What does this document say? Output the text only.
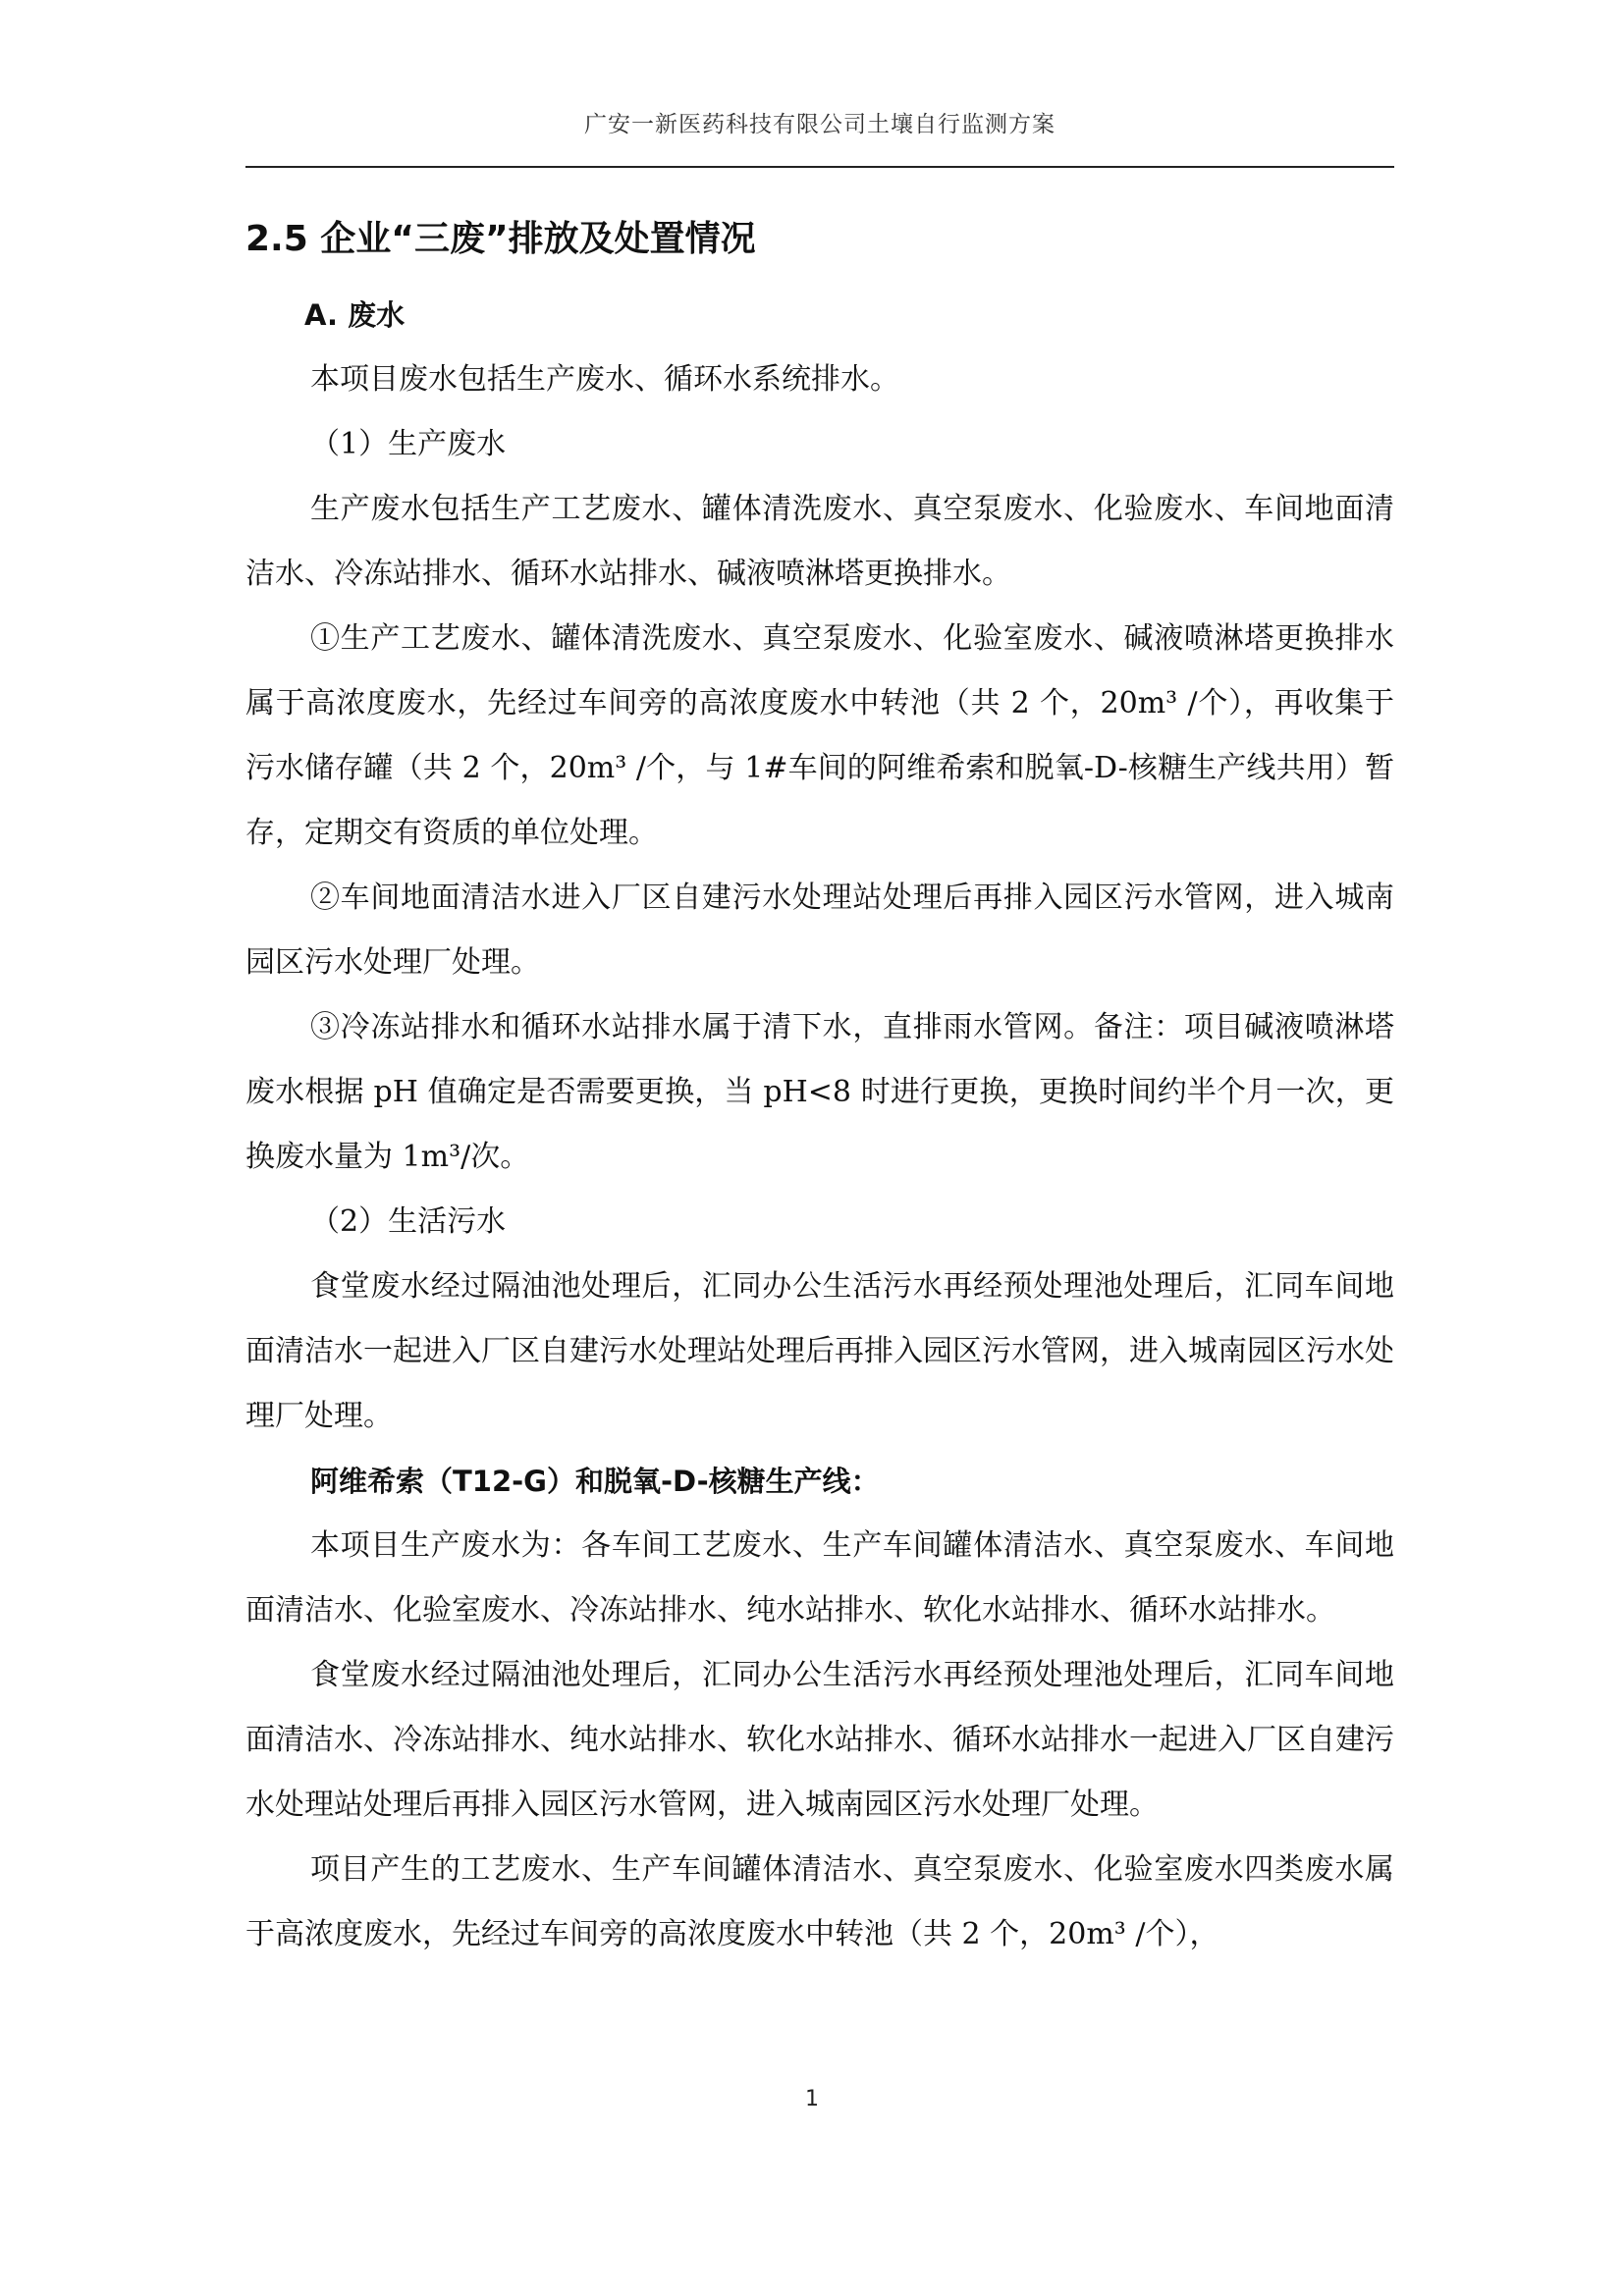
广安一新医药科技有限公司土壤自行监测方案
2.5 企业“三废”排放及处置情况
A. 废水

本项目废水包括生产废水、循环水系统排水。

（1）生产废水

生产废水包括生产工艺废水、罐体清洗废水、真空泵废水、化验废水、车间地面清洁水、冷冻站排水、循环水站排水、碱液喷淋塔更换排水。

①生产工艺废水、罐体清洗废水、真空泵废水、化验室废水、碱液喷淋塔更换排水属于高浓度废水，先经过车间旁的高浓度废水中转池（共 2 个，20m³ /个），再收集于污水储存罐（共 2 个，20m³ /个，与 1#车间的阿维希索和脱氧-D-核糖生产线共用）暂存，定期交有资质的单位处理。

②车间地面清洁水进入厂区自建污水处理站处理后再排入园区污水管网，进入城南园区污水处理厂处理。

③冷冻站排水和循环水站排水属于清下水，直排雨水管网。备注：项目碱液喷淋塔废水根据 pH 值确定是否需要更换，当 pH<8 时进行更换，更换时间约半个月一次，更换废水量为 1m³/次。

（2）生活污水

食堂废水经过隔油池处理后，汇同办公生活污水再经预处理池处理后，汇同车间地面清洁水一起进入厂区自建污水处理站处理后再排入园区污水管网，进入城南园区污水处理厂处理。

阿维希索（T12-G）和脱氧-D-核糖生产线：

本项目生产废水为：各车间工艺废水、生产车间罐体清洁水、真空泵废水、车间地面清洁水、化验室废水、冷冻站排水、纯水站排水、软化水站排水、循环水站排水。

食堂废水经过隔油池处理后，汇同办公生活污水再经预处理池处理后，汇同车间地面清洁水、冷冻站排水、纯水站排水、软化水站排水、循环水站排水一起进入厂区自建污水处理站处理后再排入园区污水管网，进入城南园区污水处理厂处理。

项目产生的工艺废水、生产车间罐体清洁水、真空泵废水、化验室废水四类废水属于高浓度废水，先经过车间旁的高浓度废水中转池（共 2 个，20m³ /个），

1
